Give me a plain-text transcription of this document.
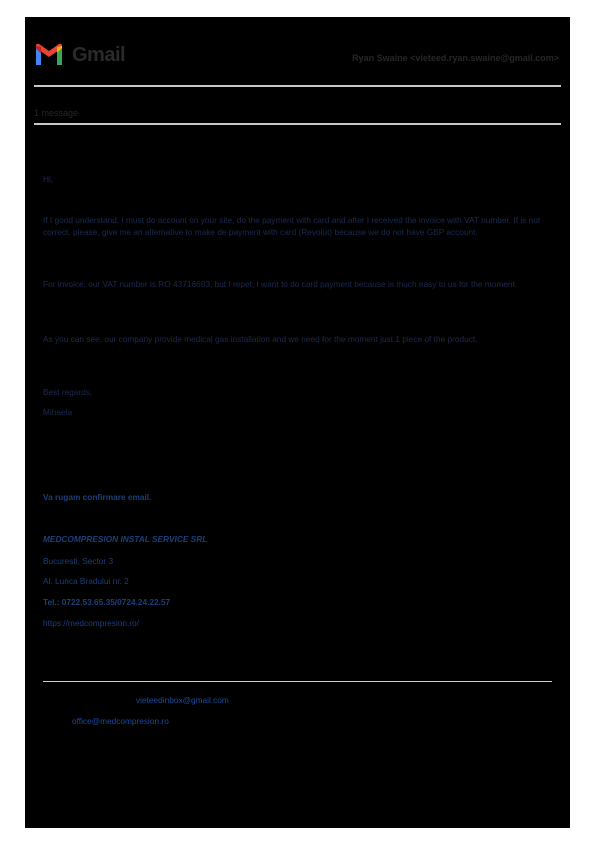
Gmail	Ryan Swaine <vieteed.ryan.swaine@gmail.com>
1 message
Hi,
If I good understand, I must do account on your site, do the payment with card and after I received the invoice with VAT number. If is not correct, please, give me an alternative to make de payment with card (Revolut) because we do not have GBP account.
For invoice, our VAT number is RO 43716693, but I repet, I want to do card payment because is much easy to us for the moment.
As you can see, our company provide medical gas installation and we need for the moment just 1 piece of the product.
Best regards,
Mihaela
Va rugam confirmare email.
MEDCOMPRESION INSTAL SERVICE SRL
Bucuresti, Sector 3
Al. Lunca Bradului nr. 2
Tel.: 0722.53.65.35/0724.24.22.57
https://medcompresion.ro/
vieteedinbox@gmail.com
office@medcompresion.ro
